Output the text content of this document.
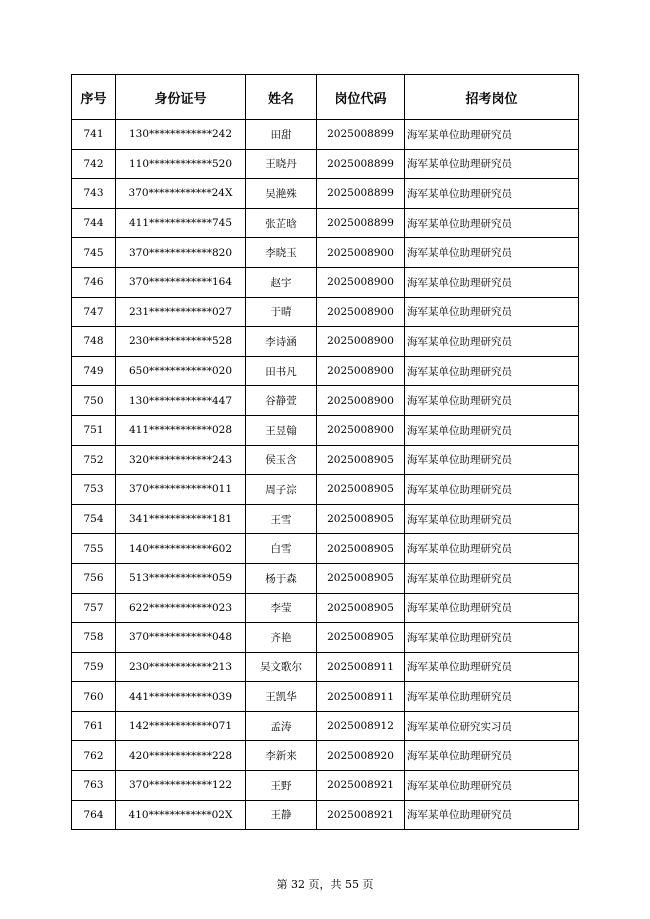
序号	身份证号	姓名	岗位代码	招考岗位
741	130************242	田甜	2025008899	海军某单位助理研究员
742	110************520	王晓丹	2025008899	海军某单位助理研究员
743	370************24X	吴滟殊	2025008899	海军某单位助理研究员
744	411************745	张芷晗	2025008899	海军某单位助理研究员
745	370************820	李晓玉	2025008900	海军某单位助理研究员
746	370************164	赵宇	2025008900	海军某单位助理研究员
747	231************027	于晴	2025008900	海军某单位助理研究员
748	230************528	李诗涵	2025008900	海军某单位助理研究员
749	650************020	田书凡	2025008900	海军某单位助理研究员
750	130************447	谷静萱	2025008900	海军某单位助理研究员
751	411************028	王昱翰	2025008900	海军某单位助理研究员
752	320************243	侯玉含	2025008905	海军某单位助理研究员
753	370************011	周子淙	2025008905	海军某单位助理研究员
754	341************181	王雪	2025008905	海军某单位助理研究员
755	140************602	白雪	2025008905	海军某单位助理研究员
756	513************059	杨于森	2025008905	海军某单位助理研究员
757	622************023	李莹	2025008905	海军某单位助理研究员
758	370************048	齐艳	2025008905	海军某单位助理研究员
759	230************213	吴文歌尔	2025008911	海军某单位助理研究员
760	441************039	王凯华	2025008911	海军某单位助理研究员
761	142************071	孟涛	2025008912	海军某单位研究实习员
762	420************228	李新来	2025008920	海军某单位助理研究员
763	370************122	王野	2025008921	海军某单位助理研究员
764	410************02X	王静	2025008921	海军某单位助理研究员
第 32 页，共 55 页
